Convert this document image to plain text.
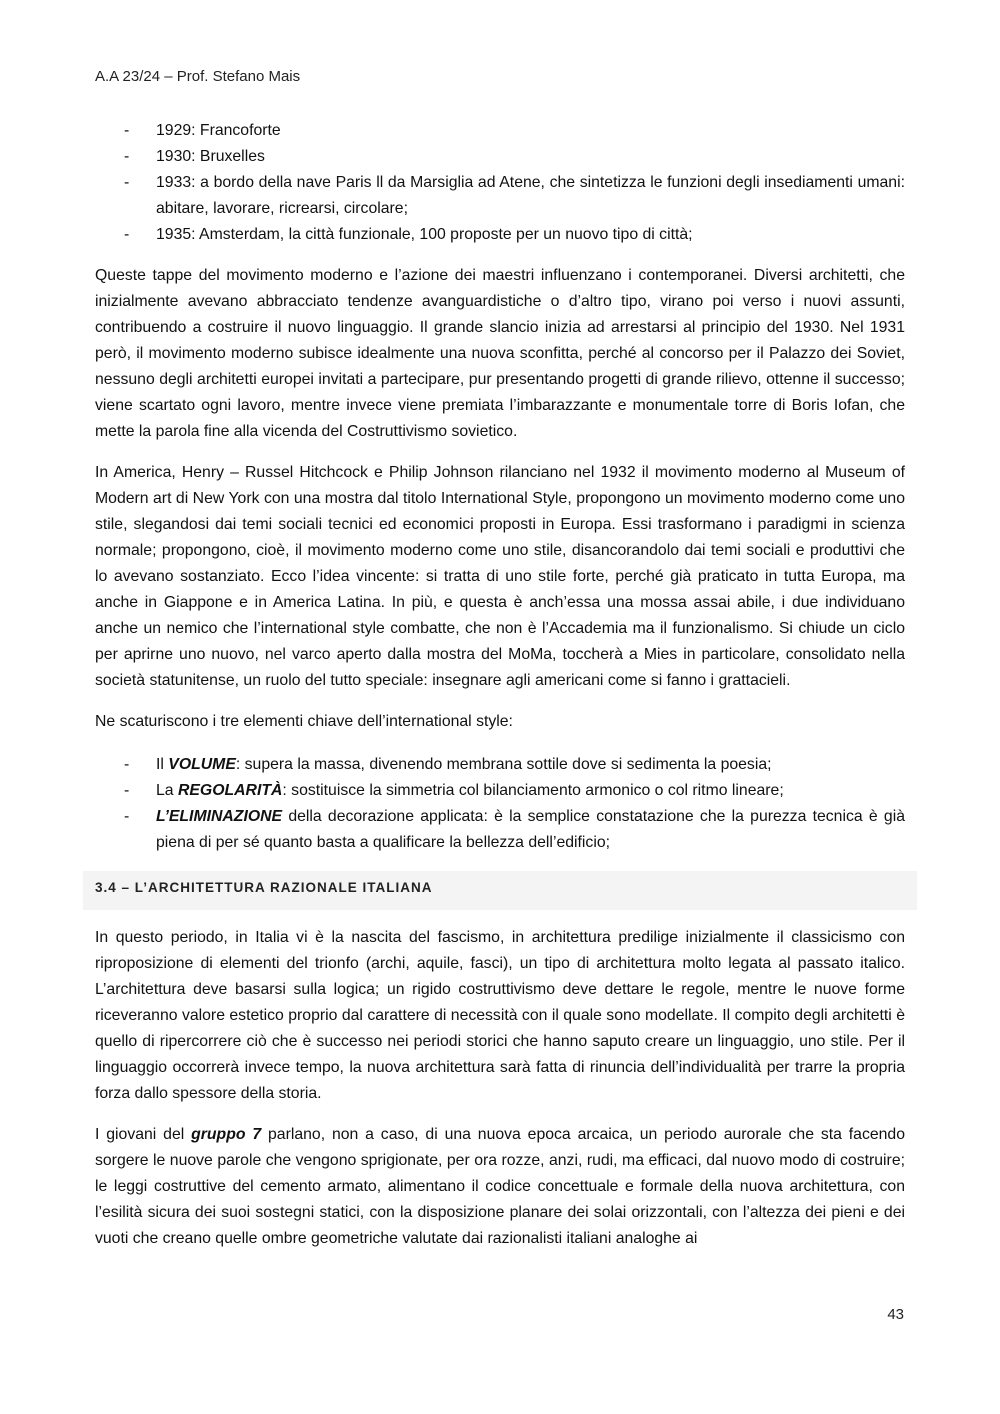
A.A 23/24 – Prof. Stefano Mais
- 1929: Francoforte
- 1930: Bruxelles
- 1933: a bordo della nave Paris ll da Marsiglia ad Atene, che sintetizza le funzioni degli insediamenti umani: abitare, lavorare, ricrearsi, circolare;
- 1935: Amsterdam, la città funzionale, 100 proposte per un nuovo tipo di città;

Queste tappe del movimento moderno e l’azione dei maestri influenzano i contemporanei. Diversi architetti, che inizialmente avevano abbracciato tendenze avanguardistiche o d’altro tipo, virano poi verso i nuovi assunti, contribuendo a costruire il nuovo linguaggio. Il grande slancio inizia ad arrestarsi al principio del 1930. Nel 1931 però, il movimento moderno subisce idealmente una nuova sconfitta, perché al concorso per il Palazzo dei Soviet, nessuno degli architetti europei invitati a partecipare, pur presentando progetti di grande rilievo, ottenne il successo; viene scartato ogni lavoro, mentre invece viene premiata l’imbarazzante e monumentale torre di Boris Iofan, che mette la parola fine alla vicenda del Costruttivismo sovietico.

In America, Henry – Russel Hitchcock e Philip Johnson rilanciano nel 1932 il movimento moderno al Museum of Modern art di New York con una mostra dal titolo International Style, propongono un movimento moderno come uno stile, slegandosi dai temi sociali tecnici ed economici proposti in Europa. Essi trasformano i paradigmi in scienza normale; propongono, cioè, il movimento moderno come uno stile, disancorandolo dai temi sociali e produttivi che lo avevano sostanziato. Ecco l’idea vincente: si tratta di uno stile forte, perché già praticato in tutta Europa, ma anche in Giappone e in America Latina. In più, e questa è anch’essa una mossa assai abile, i due individuano anche un nemico che l’international style combatte, che non è l’Accademia ma il funzionalismo. Si chiude un ciclo per aprirne uno nuovo, nel varco aperto dalla mostra del MoMa, toccherà a Mies in particolare, consolidato nella società statunitense, un ruolo del tutto speciale: insegnare agli americani come si fanno i grattacieli.

Ne scaturiscono i tre elementi chiave dell’international style:

- Il VOLUME: supera la massa, divenendo membrana sottile dove si sedimenta la poesia;
- La REGOLARITÀ: sostituisce la simmetria col bilanciamento armonico o col ritmo lineare;
- L’ELIMINAZIONE della decorazione applicata: è la semplice constatazione che la purezza tecnica è già piena di per sé quanto basta a qualificare la bellezza dell’edificio;
3.4 – L’ARCHITETTURA RAZIONALE ITALIANA

In questo periodo, in Italia vi è la nascita del fascismo, in architettura predilige inizialmente il classicismo con riproposizione di elementi del trionfo (archi, aquile, fasci), un tipo di architettura molto legata al passato italico. L’architettura deve basarsi sulla logica; un rigido costruttivismo deve dettare le regole, mentre le nuove forme riceveranno valore estetico proprio dal carattere di necessità con il quale sono modellate. Il compito degli architetti è quello di ripercorrere ciò che è successo nei periodi storici che hanno saputo creare un linguaggio, uno stile. Per il linguaggio occorrerà invece tempo, la nuova architettura sarà fatta di rinuncia dell’individualità per trarre la propria forza dallo spessore della storia.

I giovani del gruppo 7 parlano, non a caso, di una nuova epoca arcaica, un periodo aurorale che sta facendo sorgere le nuove parole che vengono sprigionate, per ora rozze, anzi, rudi, ma efficaci, dal nuovo modo di costruire; le leggi costruttive del cemento armato, alimentano il codice concettuale e formale della nuova architettura, con l’esilità sicura dei suoi sostegni statici, con la disposizione planare dei solai orizzontali, con l’altezza dei pieni e dei vuoti che creano quelle ombre geometriche valutate dai razionalisti italiani analoghe ai

43
